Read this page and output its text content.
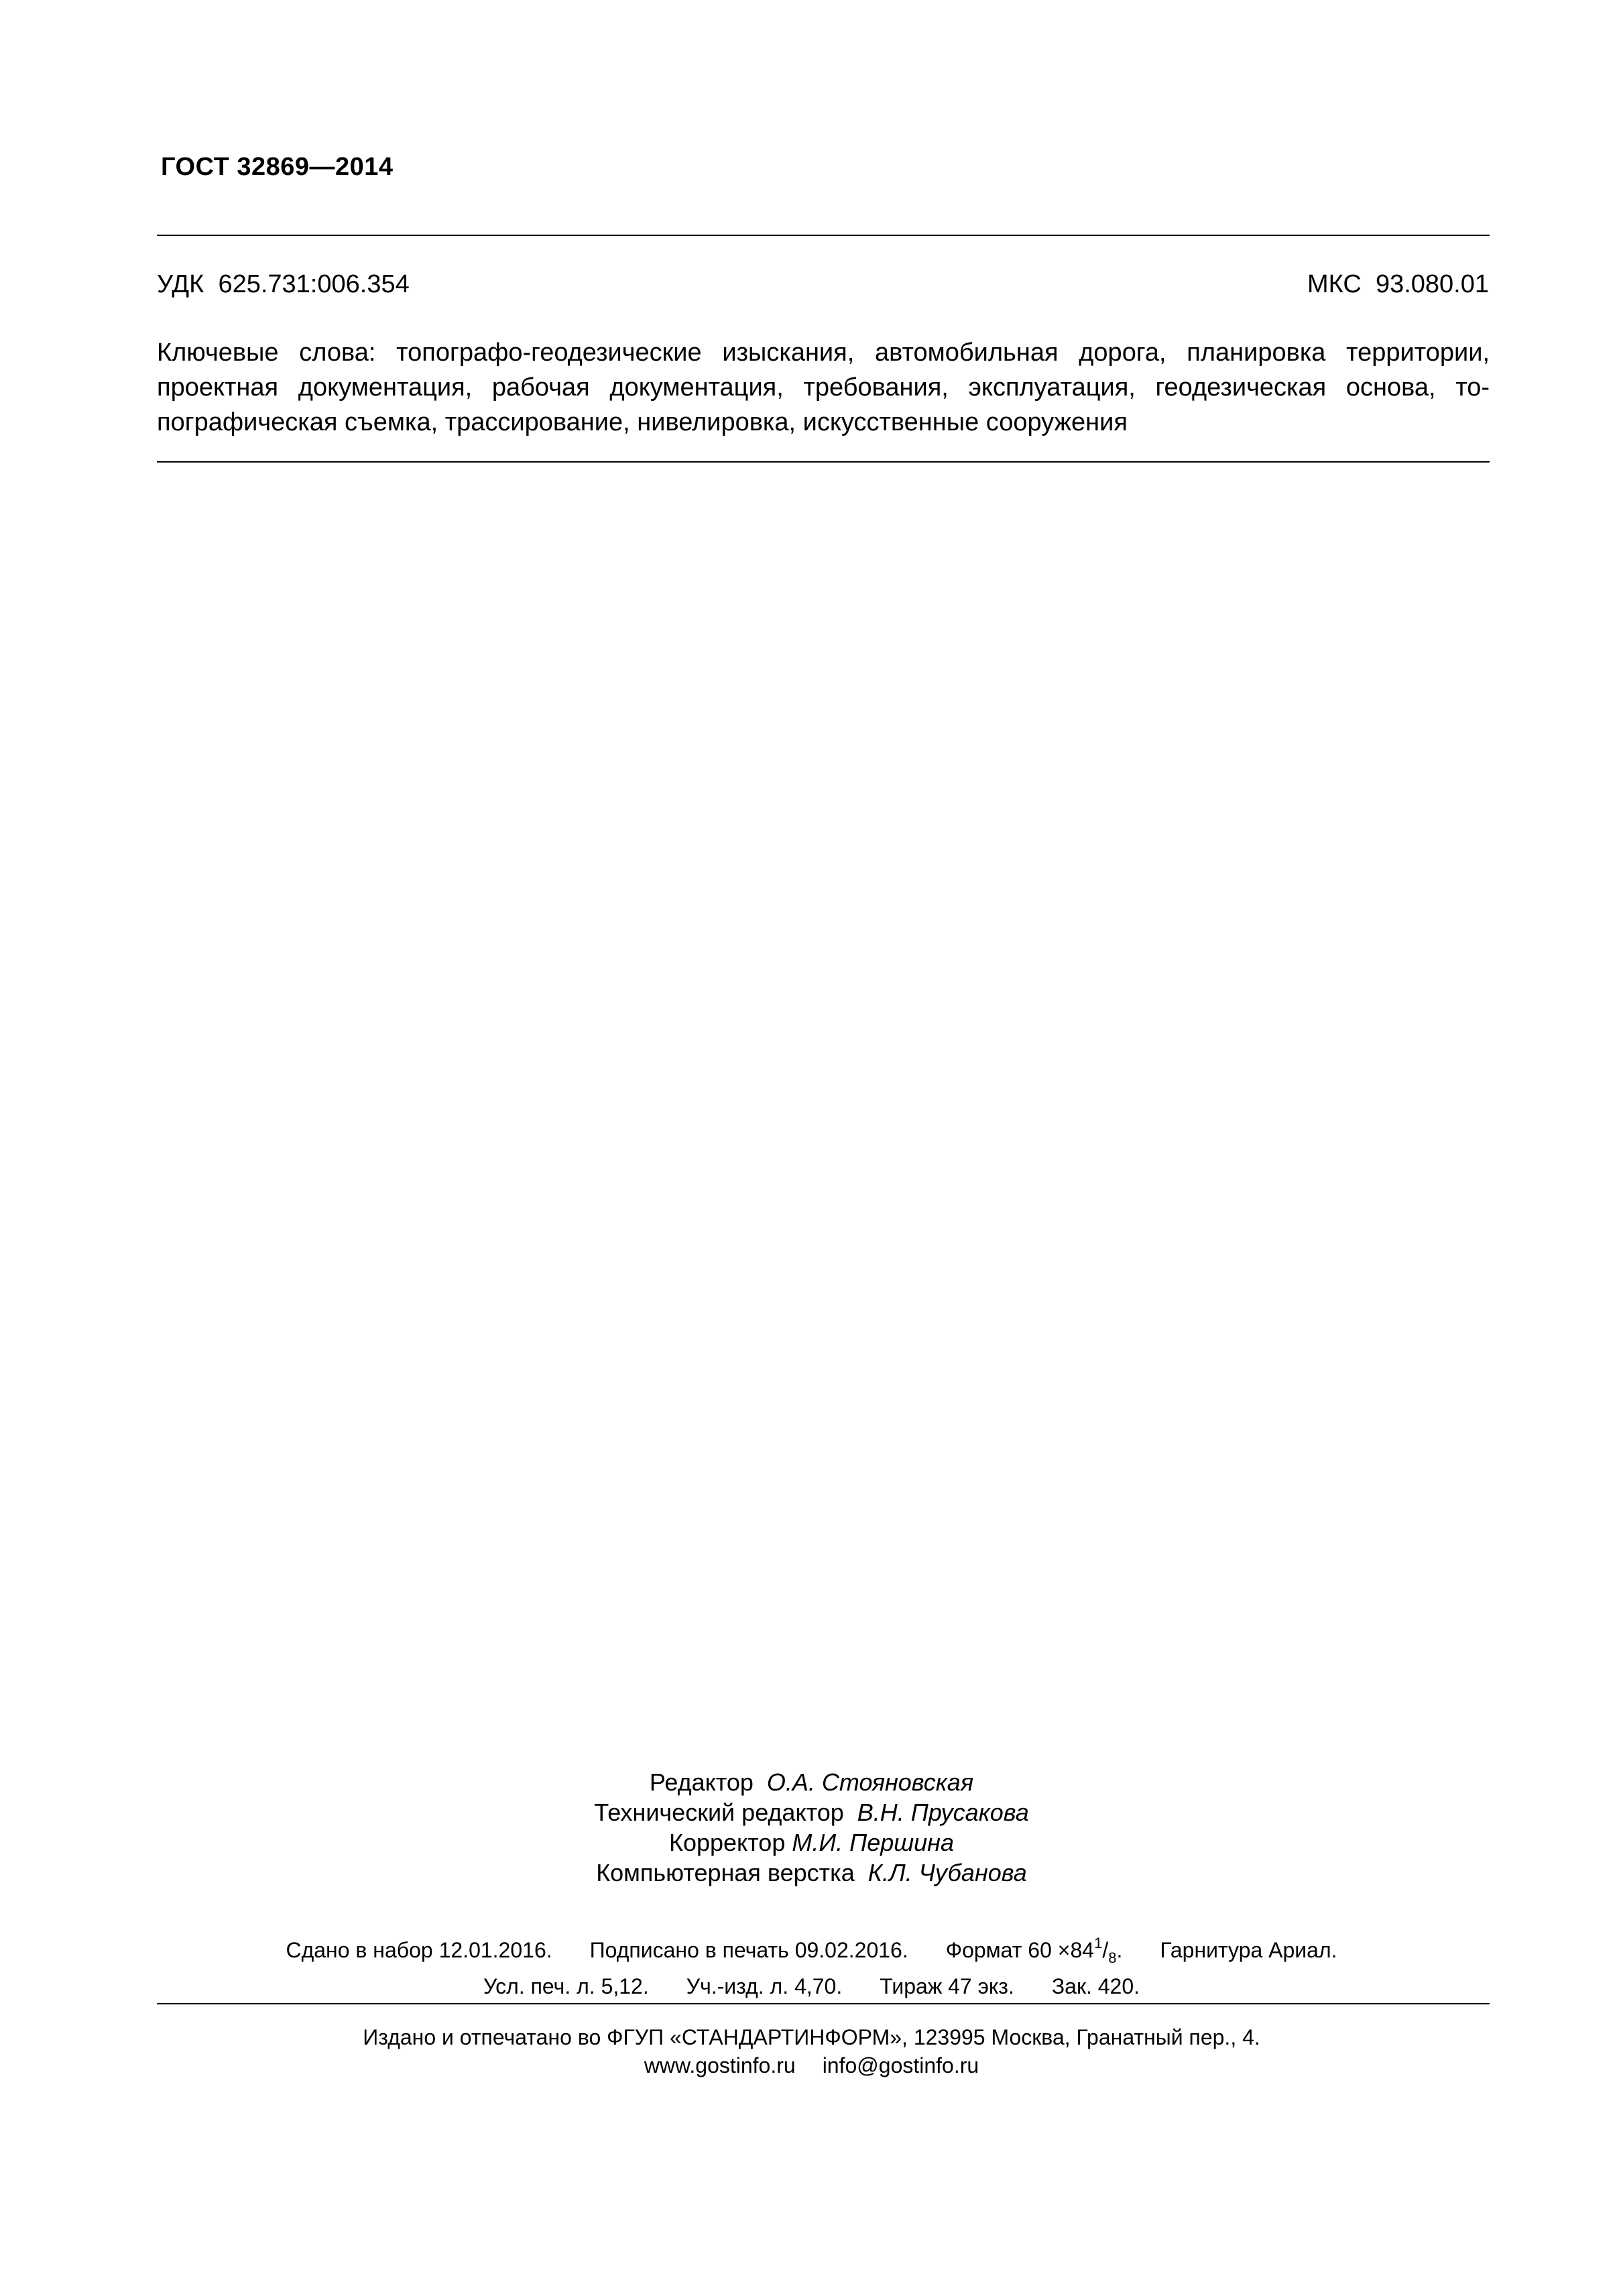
ГОСТ 32869—2014
УДК 625.731:006.354	МКС 93.080.01
Ключевые слова: топографо-геодезические изыскания, автомобильная дорога, планировка территории,
проектная документация, рабочая документация, требования, эксплуатация, геодезическая основа, то-
пографическая съемка, трассирование, нивелировка, искусственные сооружения
Редактор О.А. Стояновская
Технический редактор В.Н. Прусакова
Корректор М.И. Першина
Компьютерная верстка К.Л. Чубанова
Сдано в набор 12.01.2016. Подписано в печать 09.02.2016. Формат $60 \times 84^1/_8$. Гарнитура Ариал.
Усл. печ. л. 5,12. Уч.-изд. л. 4,70. Тираж 47 экз. Зак. 420.
Издано и отпечатано во ФГУП «СТАНДАРТИНФОРМ», 123995 Москва, Гранатный пер., 4.
www.gostinfo.ru info@gostinfo.ru
